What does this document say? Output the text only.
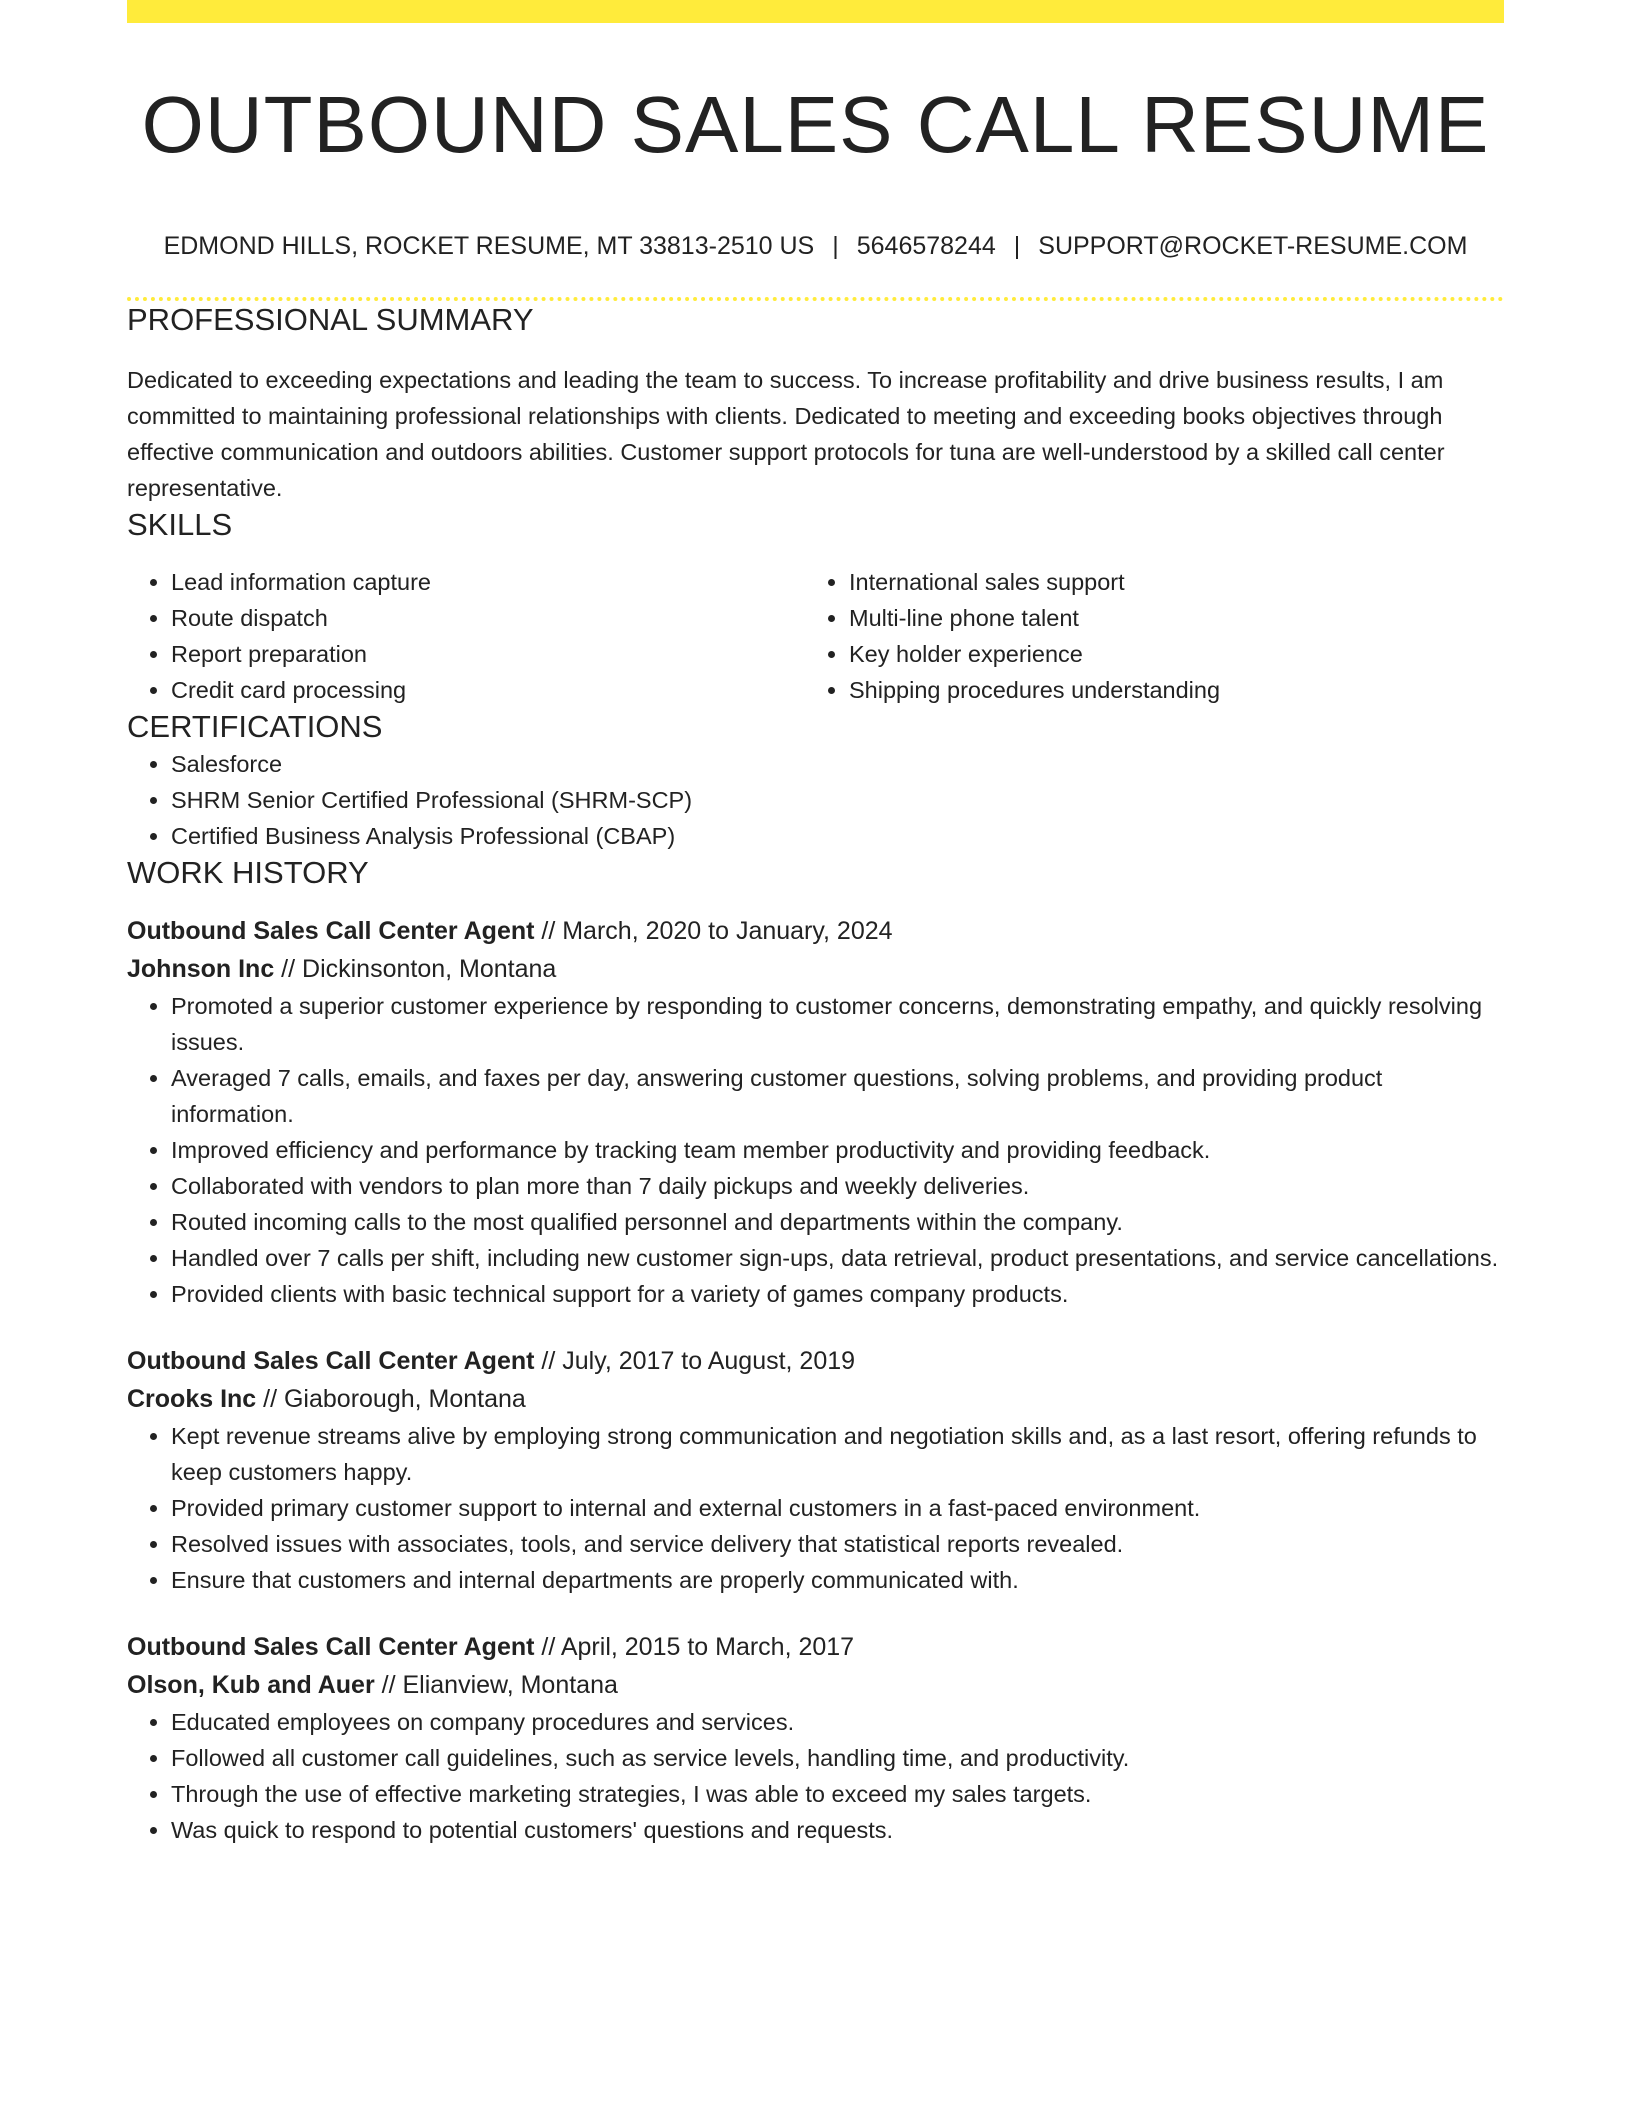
OUTBOUND SALES CALL RESUME
EDMOND HILLS, ROCKET RESUME, MT 33813-2510 US | 5646578244 | SUPPORT@ROCKET-RESUME.COM
PROFESSIONAL SUMMARY

Dedicated to exceeding expectations and leading the team to success. To increase profitability and drive business results, I am committed to maintaining professional relationships with clients. Dedicated to meeting and exceeding books objectives through effective communication and outdoors abilities. Customer support protocols for tuna are well-understood by a skilled call center representative.

SKILLS
• Lead information capture
• Route dispatch
• Report preparation
• Credit card processing
• International sales support
• Multi-line phone talent
• Key holder experience
• Shipping procedures understanding
CERTIFICATIONS
• Salesforce
• SHRM Senior Certified Professional (SHRM-SCP)
• Certified Business Analysis Professional (CBAP)
WORK HISTORY
Outbound Sales Call Center Agent // March, 2020 to January, 2024
Johnson Inc // Dickinsonton, Montana
• Promoted a superior customer experience by responding to customer concerns, demonstrating empathy, and quickly resolving issues.
• Averaged 7 calls, emails, and faxes per day, answering customer questions, solving problems, and providing product information.
• Improved efficiency and performance by tracking team member productivity and providing feedback.
• Collaborated with vendors to plan more than 7 daily pickups and weekly deliveries.
• Routed incoming calls to the most qualified personnel and departments within the company.
• Handled over 7 calls per shift, including new customer sign-ups, data retrieval, product presentations, and service cancellations.
• Provided clients with basic technical support for a variety of games company products.
Outbound Sales Call Center Agent // July, 2017 to August, 2019
Crooks Inc // Giaborough, Montana
• Kept revenue streams alive by employing strong communication and negotiation skills and, as a last resort, offering refunds to keep customers happy.
• Provided primary customer support to internal and external customers in a fast-paced environment.
• Resolved issues with associates, tools, and service delivery that statistical reports revealed.
• Ensure that customers and internal departments are properly communicated with.
Outbound Sales Call Center Agent // April, 2015 to March, 2017
Olson, Kub and Auer // Elianview, Montana
• Educated employees on company procedures and services.
• Followed all customer call guidelines, such as service levels, handling time, and productivity.
• Through the use of effective marketing strategies, I was able to exceed my sales targets.
• Was quick to respond to potential customers' questions and requests.
